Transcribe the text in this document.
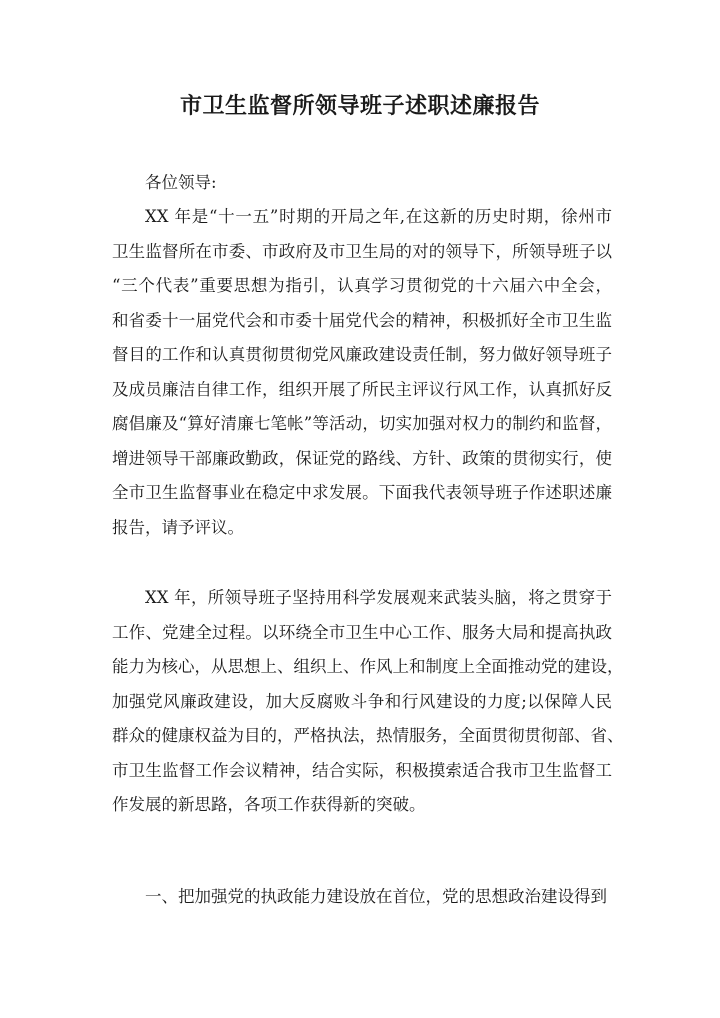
市卫生监督所领导班子述职述廉报告
各位领导:
XX 年是“十一五”时期的开局之年,在这新的历史时期，徐州市
卫生监督所在市委、市政府及市卫生局的对的领导下，所领导班子以
“三个代表”重要思想为指引，认真学习贯彻党的十六届六中全会，
和省委十一届党代会和市委十届党代会的精神，积极抓好全市卫生监
督目的工作和认真贯彻贯彻党风廉政建设责任制，努力做好领导班子
及成员廉洁自律工作，组织开展了所民主评议行风工作，认真抓好反
腐倡廉及“算好清廉七笔帐”等活动，切实加强对权力的制约和监督，
增进领导干部廉政勤政，保证党的路线、方针、政策的贯彻实行，使
全市卫生监督事业在稳定中求发展。下面我代表领导班子作述职述廉
报告，请予评议。
XX 年，所领导班子坚持用科学发展观来武装头脑，将之贯穿于
工作、党建全过程。以环绕全市卫生中心工作、服务大局和提高执政
能力为核心，从思想上、组织上、作风上和制度上全面推动党的建设，
加强党风廉政建设，加大反腐败斗争和行风建设的力度;以保障人民
群众的健康权益为目的，严格执法，热情服务，全面贯彻贯彻部、省、
市卫生监督工作会议精神，结合实际，积极摸索适合我市卫生监督工
作发展的新思路，各项工作获得新的突破。
一、把加强党的执政能力建设放在首位，党的思想政治建设得到
